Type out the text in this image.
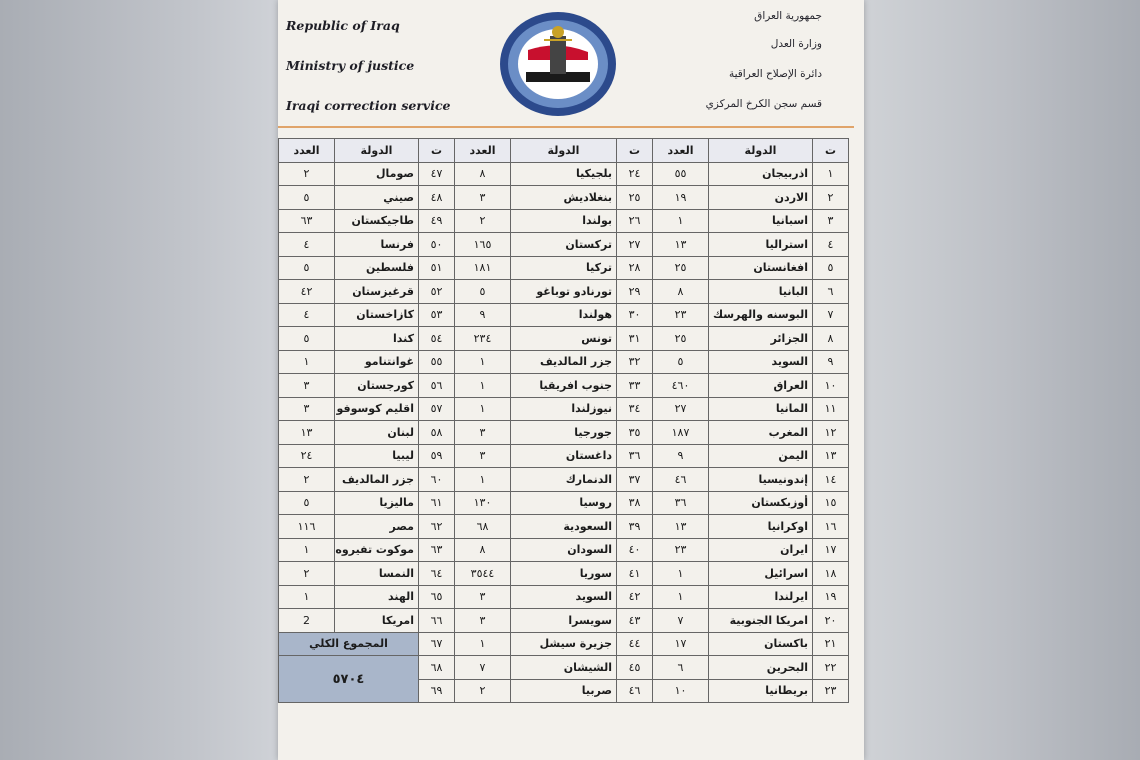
Republic of Iraq
Ministry of justice
Iraqi correction service
جمهورية العراق
وزارة العدل
دائرة الإصلاح العراقية
قسم سجن الكرخ المركزي
ت	الدولة	العدد	ت	الدولة	العدد	ت	الدولة	العدد
١	اذربيجان	٥٥	٢٤	بلجيكيا	٨	٤٧	صومال	٢
٢	الاردن	١٩	٢٥	بنغلاديش	٣	٤٨	صيني	٥
٣	اسبانيا	١	٢٦	بولندا	٢	٤٩	طاجيكستان	٦٣
٤	استراليا	١٣	٢٧	تركستان	١٦٥	٥٠	فرنسا	٤
٥	افغانستان	٢٥	٢٨	تركيا	١٨١	٥١	فلسطين	٥
٦	البانيا	٨	٢٩	تورنادو توباغو	٥	٥٢	قرغيزستان	٤٢
٧	البوسنه والهرسك	٢٣	٣٠	هولندا	٩	٥٣	كازاخستان	٤
٨	الجزائر	٢٥	٣١	تونس	٢٣٤	٥٤	كندا	٥
٩	السويد	٥	٣٢	جزر المالديف	١	٥٥	غوانتنامو	١
١٠	العراق	٤٦٠	٣٣	جنوب افريقيا	١	٥٦	كورجستان	٣
١١	المانيا	٢٧	٣٤	نيوزلندا	١	٥٧	اقليم كوسوفو	٣
١٢	المغرب	١٨٧	٣٥	جورجيا	٣	٥٨	لبنان	١٣
١٣	اليمن	٩	٣٦	داغستان	٣	٥٩	ليبيا	٢٤
١٤	إندونيسيا	٤٦	٣٧	الدنمارك	١	٦٠	جزر المالديف	٢
١٥	أوزبكستان	٣٦	٣٨	روسيا	١٣٠	٦١	ماليزيا	٥
١٦	اوكرانيا	١٣	٣٩	السعودية	٦٨	٦٢	مصر	١١٦
١٧	ايران	٢٣	٤٠	السودان	٨	٦٣	موكوت تفيروه	١
١٨	اسرائيل	١	٤١	سوريا	٣٥٤٤	٦٤	النمسا	٢
١٩	ايرلندا	١	٤٢	السويد	٣	٦٥	الهند	١
٢٠	امريكا الجنوبية	٧	٤٣	سويسرا	٣	٦٦	امريكا	2
٢١	باكستان	١٧	٤٤	جزيرة سيشل	١	٦٧	المجموع الكلي	
٢٢	البحرين	٦	٤٥	الشيشان	٧	٦٨	٥٧٠٤	
٢٣	بريطانيا	١٠	٤٦	صربيا	٢	٦٩		
